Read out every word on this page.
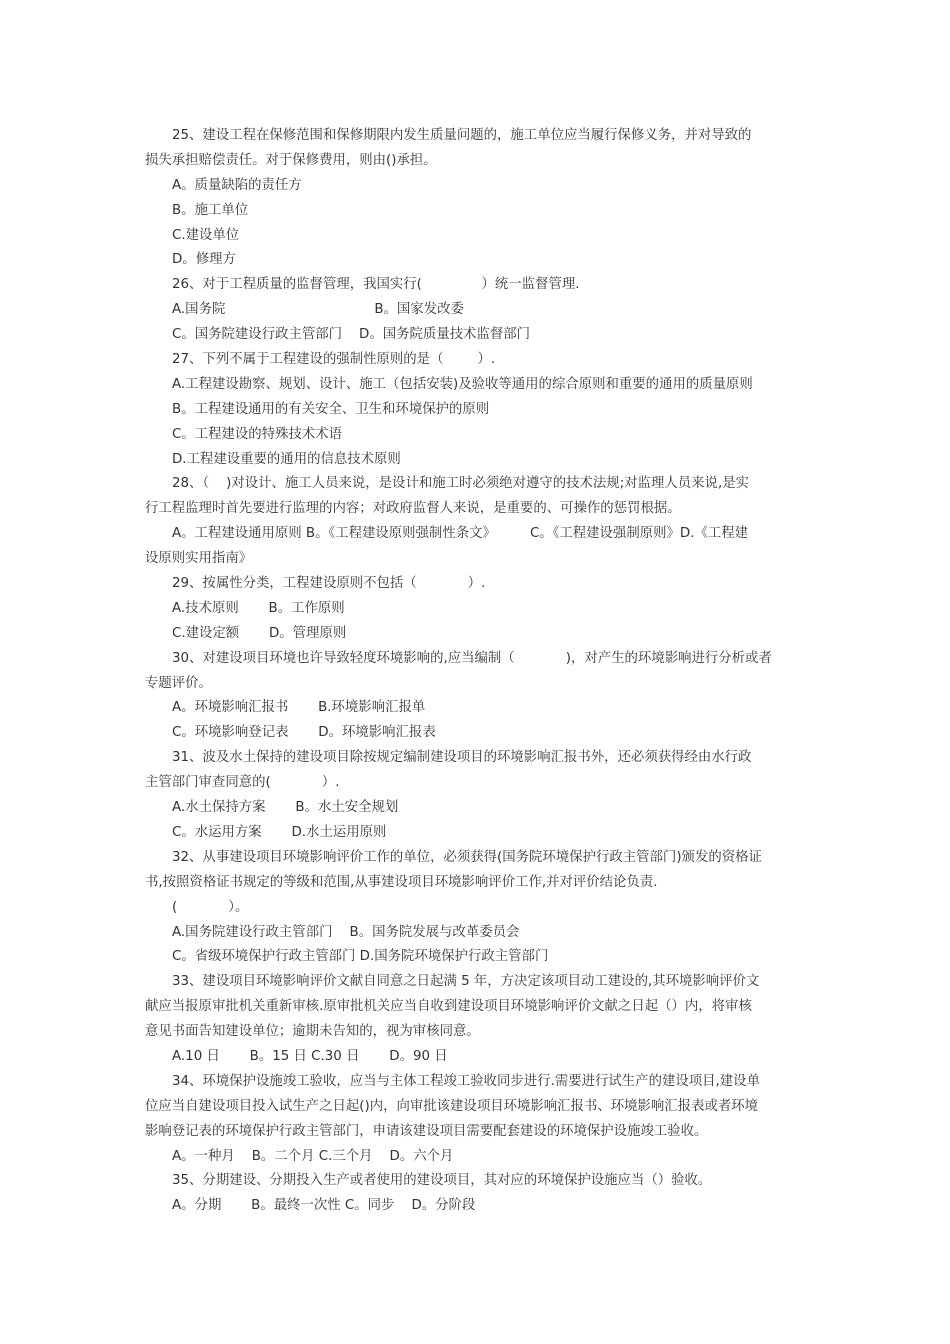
25、建设工程在保修范围和保修期限内发生质量问题的，施工单位应当履行保修义务，并对导致的
损失承担赔偿责任。对于保修费用，则由()承担。
A。质量缺陷的责任方
B。施工单位
C.建设单位
D。修理方
26、对于工程质量的监督管理，我国实行(              ）统一监督管理.
A.国务院                                   B。国家发改委
C。国务院建设行政主管部门    D。国务院质量技术监督部门
27、下列不属于工程建设的强制性原则的是（        ）.
A.工程建设勘察、规划、设计、施工（包括安装)及验收等通用的综合原则和重要的通用的质量原则
B。工程建设通用的有关安全、卫生和环境保护的原则
C。工程建设的特殊技术术语
D.工程建设重要的通用的信息技术原则
28、（    )对设计、施工人员来说，是设计和施工时必须绝对遵守的技术法规;对监理人员来说,是实
行工程监理时首先要进行监理的内容；对政府监督人来说，是重要的、可操作的惩罚根据。
A。工程建设通用原则 B。《工程建设原则强制性条文》        C。《工程建设强制原则》D.《工程建
设原则实用指南》
29、按属性分类，工程建设原则不包括（            ）.
A.技术原则       B。工作原则
C.建设定额       D。管理原则
30、对建设项目环境也许导致轻度环境影响的,应当编制（            )，对产生的环境影响进行分析或者
专题评价。
A。环境影响汇报书       B.环境影响汇报单
C。环境影响登记表       D。环境影响汇报表
31、波及水土保持的建设项目除按规定编制建设项目的环境影响汇报书外，还必须获得经由水行政
主管部门审查同意的(            ）.
A.水土保持方案       B。水土安全规划
C。水运用方案       D.水土运用原则
32、从事建设项目环境影响评价工作的单位，必须获得(国务院环境保护行政主管部门)颁发的资格证
书,按照资格证书规定的等级和范围,从事建设项目环境影响评价工作,并对评价结论负责.
(            ）。
A.国务院建设行政主管部门    B。国务院发展与改革委员会
C。省级环境保护行政主管部门 D.国务院环境保护行政主管部门
33、建设项目环境影响评价文献自同意之日起满 5 年，方决定该项目动工建设的,其环境影响评价文
献应当报原审批机关重新审核.原审批机关应当自收到建设项目环境影响评价文献之日起（）内，将审核
意见书面告知建设单位；逾期未告知的，视为审核同意。
A.10 日       B。15 日 C.30 日       D。90 日
34、环境保护设施竣工验收，应当与主体工程竣工验收同步进行.需要进行试生产的建设项目,建设单
位应当自建设项目投入试生产之日起()内，向审批该建设项目环境影响汇报书、环境影响汇报表或者环境
影响登记表的环境保护行政主管部门，申请该建设项目需要配套建设的环境保护设施竣工验收。
A。一种月    B。二个月 C.三个月    D。六个月
35、分期建设、分期投入生产或者使用的建设项目，其对应的环境保护设施应当（）验收。
A。分期       B。最终一次性 C。同步    D。分阶段
